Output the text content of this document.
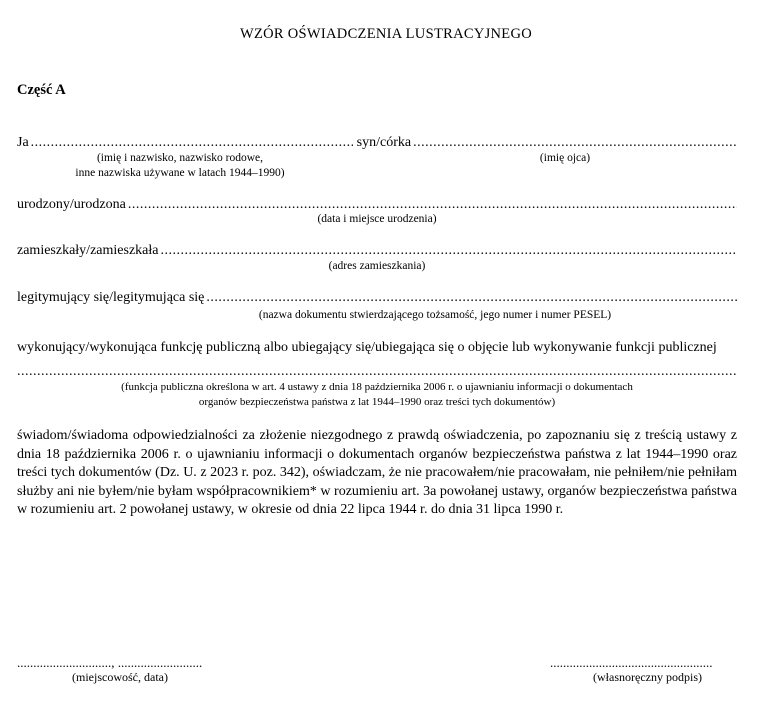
WZÓR OŚWIADCZENIA LUSTRACYJNEGO
Część A
Ja
.....	syn/córka
.....
(imię i nazwisko, nazwisko rodowe,
inne nazwiska używane w latach 1944–1990)
(imię ojca)
urodzony/urodzona
.....
(data i miejsce urodzenia)
zamieszkały/zamieszkała
.....
(adres zamieszkania)
legitymujący się/legitymująca się
.....
(nazwa dokumentu stwierdzającego tożsamość, jego numer i numer PESEL)
wykonujący/wykonująca funkcję publiczną albo ubiegający się/ubiegająca się o objęcie lub wykonywanie funkcji publicznej
.....
(funkcja publiczna określona w art. 4 ustawy z dnia 18 października 2006 r. o ujawnianiu informacji o dokumentach
organów bezpieczeństwa państwa z lat 1944–1990 oraz treści tych dokumentów)
świadom/świadoma odpowiedzialności za złożenie niezgodnego z prawdą oświadczenia, po zapoznaniu się z treścią ustawy z dnia 18 października 2006 r. o ujawnianiu informacji o dokumentach organów bezpieczeństwa państwa z lat 1944–1990 oraz treści tych dokumentów (Dz. U. z 2023 r. poz. 342), oświadczam, że nie pracowałem/nie pracowałam, nie pełniłem/nie pełniłam służby ani nie byłem/nie byłam współpracownikiem* w rozumieniu art. 3a powołanej ustawy, organów bezpieczeństwa państwa w rozumieniu art. 2 powołanej ustawy, w okresie od dnia 22 lipca 1944 r. do dnia 31 lipca 1990 r.
............................., ..........................
(miejscowość, data)
..................................................
(własnoręczny podpis)
